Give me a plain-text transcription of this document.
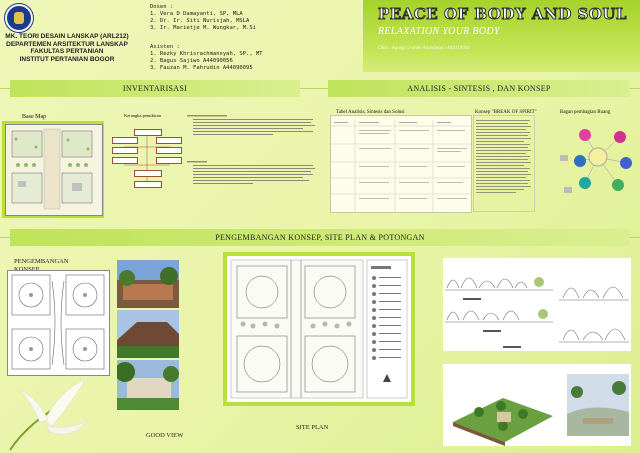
MK. TEORI DESAIN LANSKAP (ARL212)
DEPARTEMEN ARSITEKTUR LANSKAP
FAKULTAS PERTANIAN
INSTITUT PERTANIAN BOGOR
Dosen :
1. Vera D Damayanti, SP, MLA
2. Dr. Ir. Siti Nurisjah, MSLA
3. Ir. Marietje M. Wungkar, M.Si
Asisten :
1. Rezky Khrisrachmansyah, SP., MT
2. Bagus Sajiwo A44090056
3. Fauzan M. Fahrudin A44090095
PEACE OF BODY AND SOUL
RELAXATION YOUR BODY
Oleh : Agung Grande Anandana / A44110044
INVENTARISASI	ANALISIS - SINTESIS , DAN KONSEP
PENGEMBANGAN KONSEP, SITE PLAN & POTONGAN
Base Map	Kerangka pemikiran
Tabel Analisis, Sintesis dan Solusi	Konsep "BREAK OF SPIRIT"	Bagan pembagian Ruang
PENGEMBANGAN
GOOD VIEW
SITE PLAN
